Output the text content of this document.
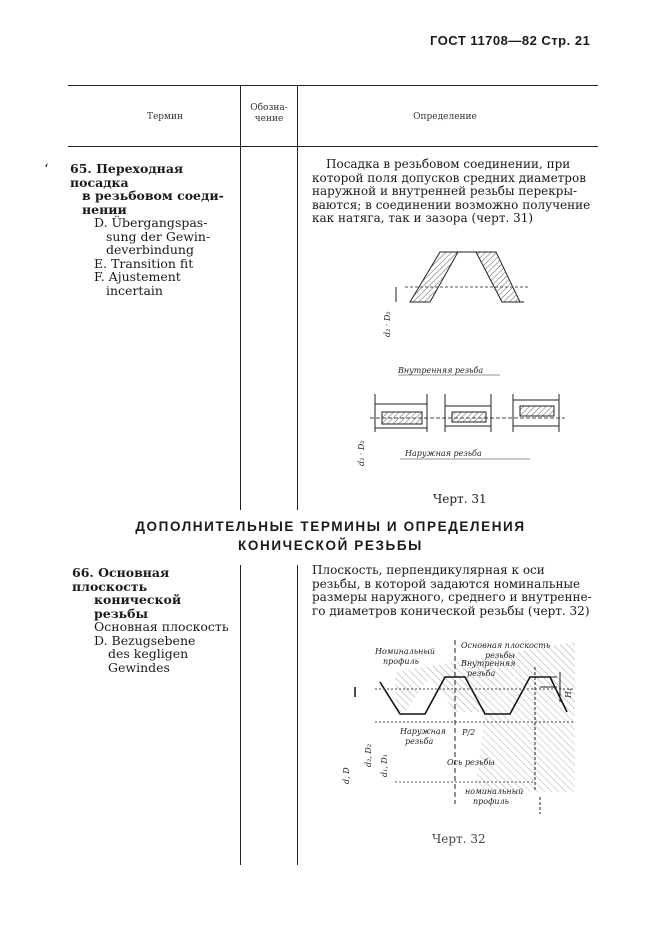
ГОСТ 11708—82 Стр. 21
Термин
Обозна-
чение	Определение
‘ 65. Переходная посадка
в резьбовом соеди-
нении
D. Übergangspas-
sung der Gewin-
deverbindung
E. Transition fit
F. Ajustement
incertain
Посадка в резьбовом соединении, при
которой поля допусков средних диаметров
наружной и внутренней резьбы перекры-
ваются; в соединении возможно получение
как натяга, так и зазора (черт. 31)
d₂ · D₂
Внутренняя резьба
d₂ · D₂	Наружная резьба
Черт. 31
ДОПОЛНИТЕЛЬНЫЕ ТЕРМИНЫ И ОПРЕДЕЛЕНИЯ
КОНИЧЕСКОЙ РЕЗЬБЫ
66. Основная плоскость
конической резьбы
Основная плоскость
D. Bezugsebene
des kegligen
Gewindes
Плоскость, перпендикулярная к оси
резьбы, в которой задаются номинальные
размеры наружного, среднего и внутренне-
го диаметров конической резьбы (черт. 32)
Номинальный
профиль
Основная плоскость
резьбы
Внутренняя
резьба
Наружная
резьба
Ось резьбы
P/2
H₁
d, D
d₂, D₂ d₁, D₁
номинальный
профиль
Черт. 32
